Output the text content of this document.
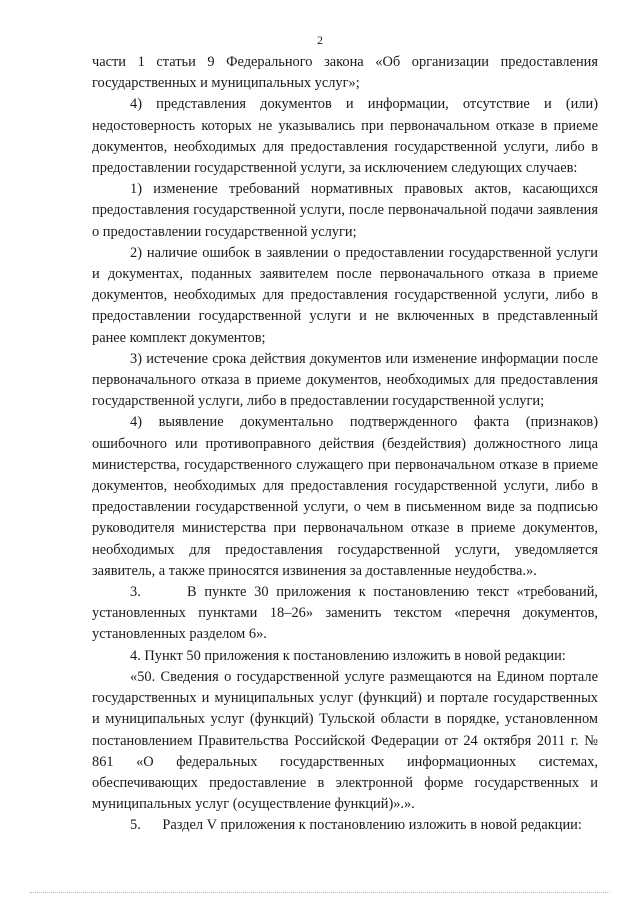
2

части 1 статьи 9 Федерального закона «Об организации предоставления государственных и муниципальных услуг»;

4) представления документов и информации, отсутствие и (или) недостоверность которых не указывались при первоначальном отказе в приеме документов, необходимых для предоставления государственной услуги, либо в предоставлении государственной услуги, за исключением следующих случаев:

1) изменение требований нормативных правовых актов, касающихся предоставления государственной услуги, после первоначальной подачи заявления о предоставлении государственной услуги;

2) наличие ошибок в заявлении о предоставлении государственной услуги и документах, поданных заявителем после первоначального отказа в приеме документов, необходимых для предоставления государственной услуги, либо в предоставлении государственной услуги и не включенных в представленный ранее комплект документов;

3) истечение срока действия документов или изменение информации после первоначального отказа в приеме документов, необходимых для предоставления государственной услуги, либо в предоставлении государственной услуги;

4) выявление документально подтвержденного факта (признаков) ошибочного или противоправного действия (бездействия) должностного лица министерства, государственного служащего при первоначальном отказе в приеме документов, необходимых для предоставления государственной услуги, либо в предоставлении государственной услуги, о чем в письменном виде за подписью руководителя министерства при первоначальном отказе в приеме документов, необходимых для предоставления государственной услуги, уведомляется заявитель, а также приносятся извинения за доставленные неудобства.».

3.      В пункте 30 приложения к постановлению текст «требований, установленных пунктами 18–26» заменить текстом «перечня документов, установленных разделом 6».

4. Пункт 50 приложения к постановлению изложить в новой редакции:

«50. Сведения о государственной услуге размещаются на Едином портале государственных и муниципальных услуг (функций) и портале государственных и муниципальных услуг (функций) Тульской области в порядке, установленном постановлением Правительства Российской Федерации от 24 октября 2011 г. № 861 «О федеральных государственных информационных системах, обеспечивающих предоставление в электронной форме государственных и муниципальных услуг (осуществление функций)».».

5.      Раздел V приложения к постановлению изложить в новой редакции:
